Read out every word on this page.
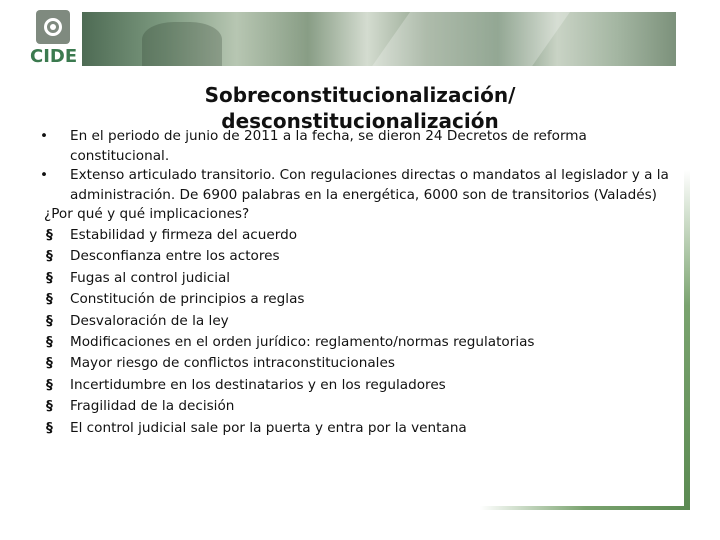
CIDE
Sobreconstitucionalización/
desconstitucionalización
•
En el periodo de junio de 2011 a la fecha, se dieron 24 Decretos de reforma constitucional.
•
Extenso articulado transitorio. Con regulaciones directas o mandatos al legislador y a la administración. De 6900 palabras en la energética, 6000 son de transitorios (Valadés)
¿Por qué y qué implicaciones?
§
Estabilidad y firmeza del acuerdo
§
Desconfianza entre los actores
§
Fugas al control judicial
§
Constitución de principios a reglas
§
Desvaloración de la ley
§
Modificaciones en el orden jurídico: reglamento/normas regulatorias
§
Mayor riesgo de conflictos intraconstitucionales
§
Incertidumbre en los destinatarios y en los reguladores
§
Fragilidad de la decisión
§
El control judicial sale por la puerta y entra por la ventana
